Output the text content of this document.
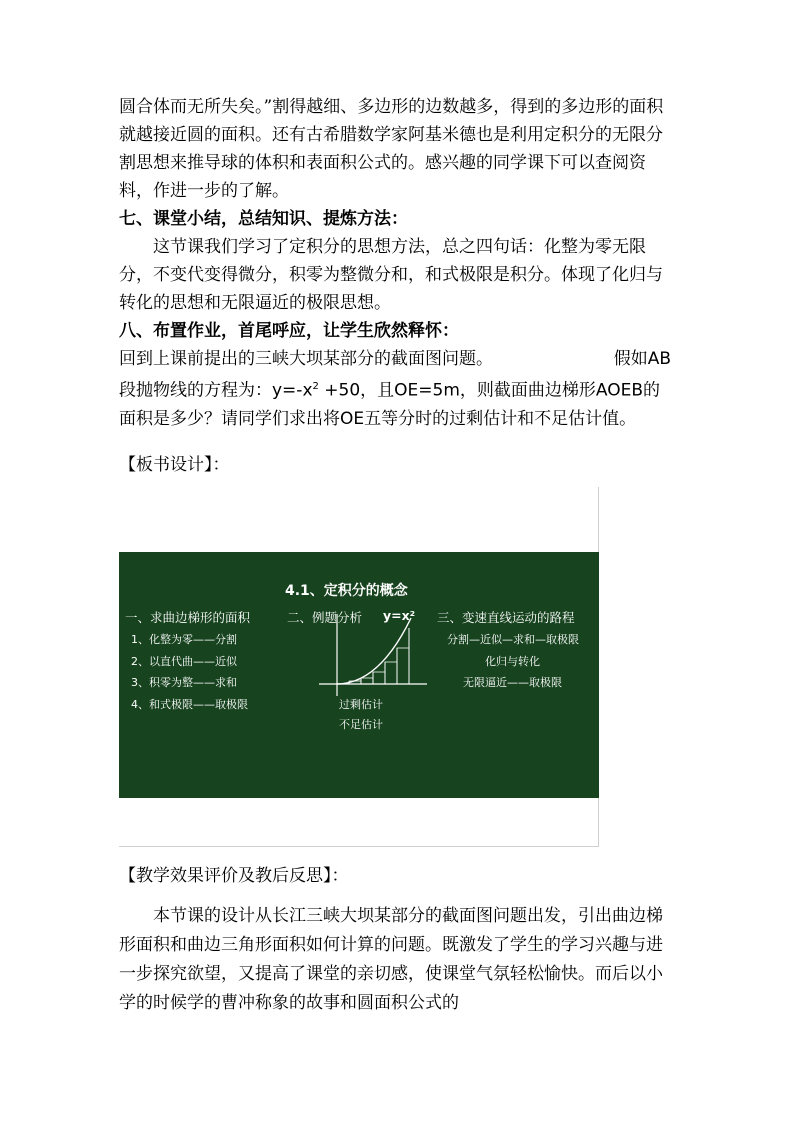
圆合体而无所失矣。”割得越细、多边形的边数越多，得到的多边形的面积就越接近圆的面积。还有古希腊数学家阿基米德也是利用定积分的无限分割思想来推导球的体积和表面积公式的。感兴趣的同学课下可以查阅资料，作进一步的了解。

七、课堂小结，总结知识、提炼方法：

这节课我们学习了定积分的思想方法，总之四句话：化整为零无限分，不变代变得微分，积零为整微分和，和式极限是积分。体现了化归与转化的思想和无限逼近的极限思想。

八、布置作业，首尾呼应，让学生欣然释怀：

回到上课前提出的三峡大坝某部分的截面图问题。	假如AB
段抛物线的方程为：$y=-x^2 +50$，且OE=5m，则截面曲边梯形AOEB的
面积是多少？请同学们求出将OE五等分时的过剩估计和不足估计值。
【板书设计】：
4.1、定积分的概念
一、求曲边梯形的面积
1、化整为零——分割
2、以直代曲——近似
3、积零为整——求和
4、和式极限——取极限
二、例题分析 y=x²
过剩估计
不足估计
三、变速直线运动的路程
分割—近似—求和—取极限
化归与转化
无限逼近——取极限
【教学效果评价及教后反思】：

本节课的设计从长江三峡大坝某部分的截面图问题出发，引出曲边梯形面积和曲边三角形面积如何计算的问题。既激发了学生的学习兴趣与进一步探究欲望，又提高了课堂的亲切感，使课堂气氛轻松愉快。而后以小学的时候学的曹冲称象的故事和圆面积公式的
